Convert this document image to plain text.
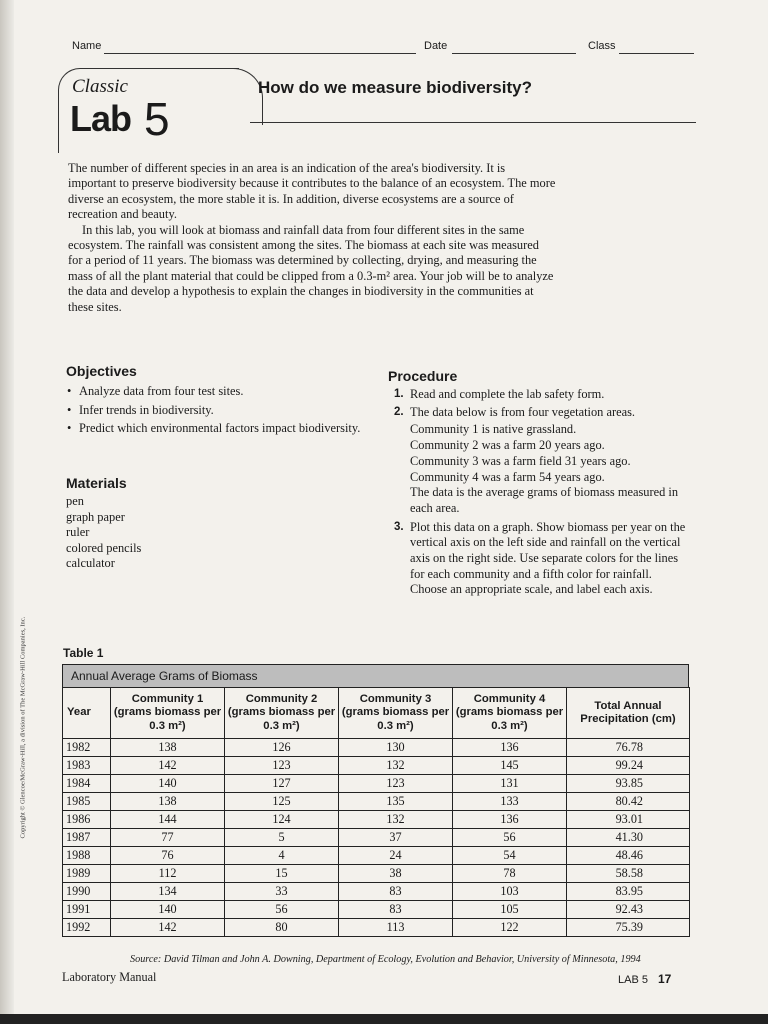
Copyright © Glencoe/McGraw-Hill, a division of The McGraw-Hill Companies, Inc.
Name	Date	Class
Classic
Lab 5
How do we measure biodiversity?

The number of different species in an area is an indication of the area's biodiversity. It is important to preserve biodiversity because it contributes to the balance of an ecosystem. The more diverse an ecosystem, the more stable it is. In addition, diverse ecosystems are a source of recreation and beauty.

In this lab, you will look at biomass and rainfall data from four different sites in the same ecosystem. The rainfall was consistent among the sites. The biomass at each site was measured for a period of 11 years. The biomass was determined by collecting, drying, and measuring the mass of all the plant material that could be clipped from a 0.3-m² area. Your job will be to analyze the data and develop a hypothesis to explain the changes in biodiversity in the communities at these sites.

Objectives
• Analyze data from four test sites.
• Infer trends in biodiversity.
• Predict which environmental factors impact biodiversity.
Materials
pen
graph paper
ruler
colored pencils
calculator
Procedure
1. Read and complete the lab safety form.
2. The data below is from four vegetation areas.
Community 1 is native grassland.
Community 2 was a farm 20 years ago.
Community 3 was a farm field 31 years ago.
Community 4 was a farm 54 years ago.
The data is the average grams of biomass measured in each area.
3. Plot this data on a graph. Show biomass per year on the vertical axis on the left side and rainfall on the vertical axis on the right side. Use separate colors for the lines for each community and a fifth color for rainfall. Choose an appropriate scale, and label each axis.
Table 1
Annual Average Grams of Biomass
Year	Community 1 (grams biomass per 0.3 m²)	Community 2 (grams biomass per 0.3 m²)	Community 3 (grams biomass per 0.3 m²)	Community 4 (grams biomass per 0.3 m²)	Total Annual Precipitation (cm)
1982	138	126	130	136	76.78
1983	142	123	132	145	99.24
1984	140	127	123	131	93.85
1985	138	125	135	133	80.42
1986	144	124	132	136	93.01
1987	77	5	37	56	41.30
1988	76	4	24	54	48.46
1989	112	15	38	78	58.58
1990	134	33	83	103	83.95
1991	140	56	83	105	92.43
1992	142	80	113	122	75.39
Source: David Tilman and John A. Downing, Department of Ecology, Evolution and Behavior, University of Minnesota, 1994
Laboratory Manual	LAB 5 17
